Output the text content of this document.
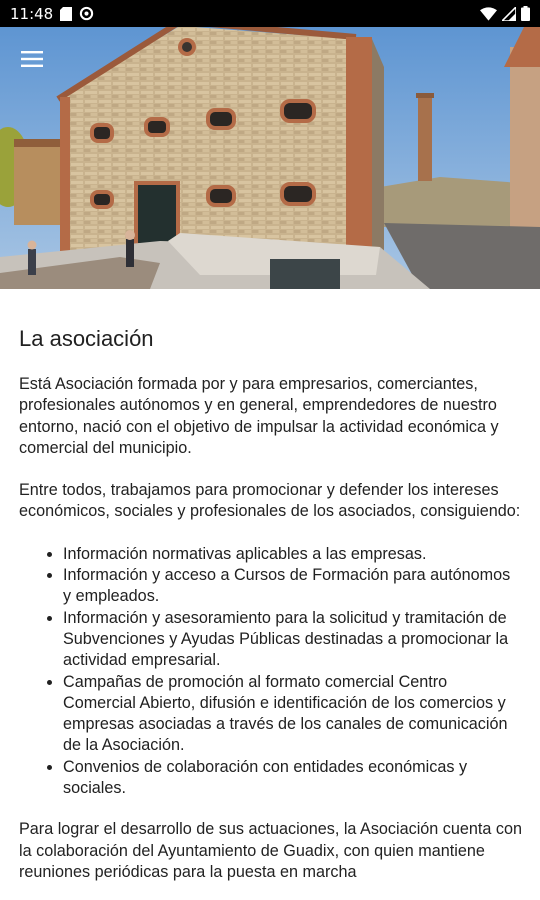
11:48
La asociación

Está Asociación formada por y para empresarios, comerciantes, profesionales autónomos y en general, emprendedores de nuestro entorno, nació con el objetivo de impulsar la actividad económica y comercial del municipio.

Entre todos, trabajamos para promocionar y defender los intereses económicos, sociales y profesionales de los asociados, consiguiendo:

• Información normativas aplicables a las empresas.
• Información y acceso a Cursos de Formación para autónomos y empleados.
• Información y asesoramiento para la solicitud y tramitación de Subvenciones y Ayudas Públicas destinadas a promocionar la actividad empresarial.
• Campañas de promoción al formato comercial Centro Comercial Abierto, difusión e identificación de los comercios y empresas asociadas a través de los canales de comunicación de la Asociación.
• Convenios de colaboración con entidades económicas y sociales.

Para lograr el desarrollo de sus actuaciones, la Asociación cuenta con la colaboración del Ayuntamiento de Guadix, con quien mantiene reuniones periódicas para la puesta en marcha
